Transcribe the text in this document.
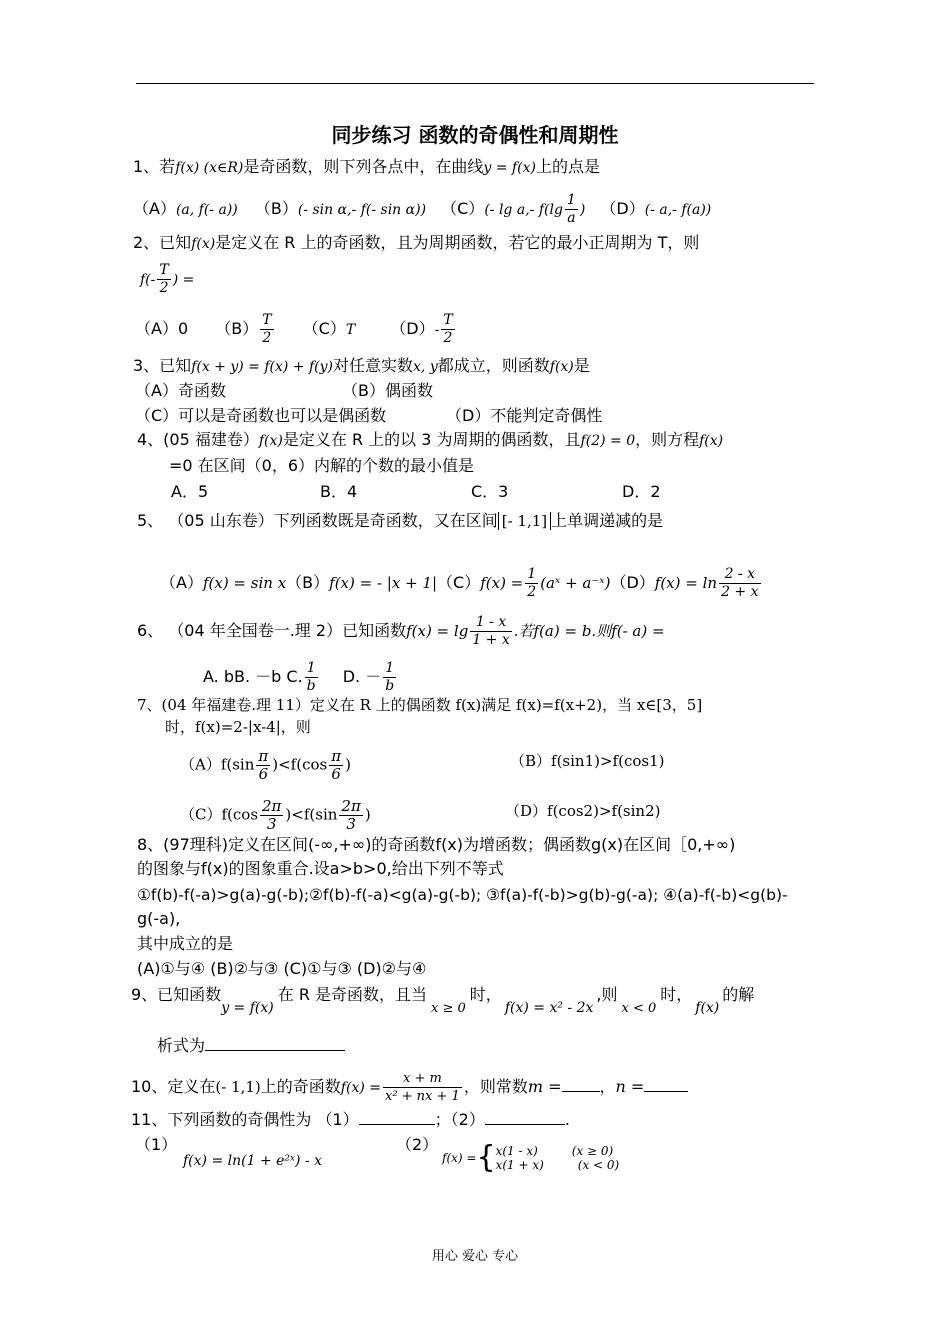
同步练习 函数的奇偶性和周期性
1、若f(x) (x∈R)是奇函数，则下列各点中，在曲线y = f(x)上的点是
（A）(a, f(- a)) （B）(- sin α,- f(- sin α)) （C）(- lg a,- $f(\lg \frac{1}{a}$ ) （D）(- a,- f(a))
2、已知f(x)是定义在 R 上的奇函数，且为周期函数，若它的最小正周期为 T，则
$f(- \frac{T}{2}$ ) =
（A）0 $(B) \frac{T}{2} (C)T$ $(D)- \frac{T}{2}$
3、已知f(x + y) = f(x) + f(y)对任意实数x, y都成立，则函数f(x)是
（A）奇函数	（B）偶函数
（C）可以是奇函数也可以是偶函数	（D）不能判定奇偶性
4、(05 福建卷）f(x)是定义在 R 上的以 3 为周期的偶函数，且f(2) = 0，则方程f(x)
=0 在区间（0，6）内解的个数的最小值是
A．5	B．4	C．3	D．2
5、 （05 山东卷）下列函数既是奇函数，又在区间 [- 1,1] 上单调递减的是
（A）f(x) = sin x（B）f(x) = - $|x + 1|(C)f(x) = \frac{1}{2}$ (aˣ + a⁻ˣ)（D）f(x) = $\ln \frac{2 - x}{2 + x}$
6、 （04 年全国卷一.理 2）已知函数$f(x) = \lg \frac{1 - x}{1 + x}$ .若f(a) = b.则f(- a) =
A. bB. －b C. $\frac{1}{b} D$. － $\frac{1}{b}$
7、(04 年福建卷.理 11）定义在 R 上的偶函数 f(x)满足 f(x)=f(x+2)，当 x∈[3，5]
时，f(x)=2-|x-4|，则
$(A)f(\sin \frac{\pi}{6} )<f(\cos \frac{\pi}{6}$ )	（B）f(sin1)>f(cos1)
$(C)f(\cos \frac{2\pi}{3} )<f(\sin \frac{2\pi}{3}$ )	（D）f(cos2)>f(sin2)
8、(97理科)定义在区间(-∞,+∞)的奇函数f(x)为增函数；偶函数g(x)在区间［0,+∞)
的图象与f(x)的图象重合.设a>b>0,给出下列不等式
①f(b)-f(-a)>g(a)-g(-b);②f(b)-f(-a)<g(a)-g(-b); ③f(a)-f(-b)>g(b)-g(-a); ④(a)-f(-b)<g(b)-
g(-a),
其中成立的是
(A)①与④ (B)②与③ (C)①与③ (D)②与④
9、已知函数y = f(x)在 R 是奇函数，且当$_{x \ge 0}$时，f(x) = x² - 2x,则$_{x < 0}$时，f(x)的解
析式为
10、定义在(- 1,1)上的奇函数$f(x) = \frac{x + m}{\text{x² + nx + 1}}$ ，则常数m = ，n =
11、下列函数的奇偶性为 （1）	；（2）	.
（1）
f(x) = ln(1 + e²ˣ) - x
（2）
f(x) ={x(1 - x)	(x ≥ 0)
x(1 + x)	(x < 0)
用心 爱心 专心
